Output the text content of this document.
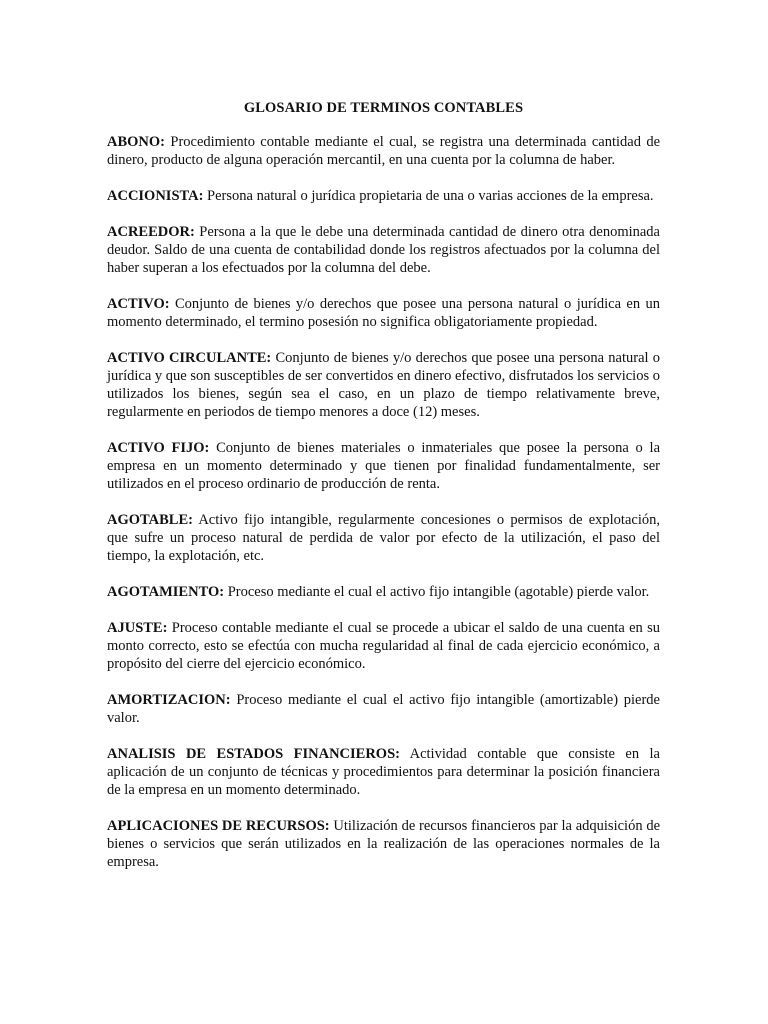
GLOSARIO DE TERMINOS CONTABLES

ABONO: Procedimiento contable mediante el cual, se registra una determinada cantidad de dinero, producto de alguna operación mercantil, en una cuenta por la columna de haber.

ACCIONISTA: Persona natural o jurídica propietaria de una o varias acciones de la empresa.

ACREEDOR: Persona a la que le debe una determinada cantidad de dinero otra denominada deudor. Saldo de una cuenta de contabilidad donde los registros afectuados por la columna del haber superan a los efectuados por la columna del debe.

ACTIVO: Conjunto de bienes y/o derechos que posee una persona natural o jurídica en un momento determinado, el termino posesión no significa obligatoriamente propiedad.

ACTIVO CIRCULANTE: Conjunto de bienes y/o derechos que posee una persona natural o jurídica y que son susceptibles de ser convertidos en dinero efectivo, disfrutados los servicios o utilizados los bienes, según sea el caso, en un plazo de tiempo relativamente breve, regularmente en periodos de tiempo menores a doce (12) meses.

ACTIVO FIJO: Conjunto de bienes materiales o inmateriales que posee la persona o la empresa en un momento determinado y que tienen por finalidad fundamentalmente, ser utilizados en el proceso ordinario de producción de renta.

AGOTABLE: Activo fijo intangible, regularmente concesiones o permisos de explotación, que sufre un proceso natural de perdida de valor por efecto de la utilización, el paso del tiempo, la explotación, etc.

AGOTAMIENTO: Proceso mediante el cual el activo fijo intangible (agotable) pierde valor.

AJUSTE: Proceso contable mediante el cual se procede a ubicar el saldo de una cuenta en su monto correcto, esto se efectúa con mucha regularidad al final de cada ejercicio económico, a propósito del cierre del ejercicio económico.

AMORTIZACION: Proceso mediante el cual el activo fijo intangible (amortizable) pierde valor.

ANALISIS DE ESTADOS FINANCIEROS: Actividad contable que consiste en la aplicación de un conjunto de técnicas y procedimientos para determinar la posición financiera de la empresa en un momento determinado.

APLICACIONES DE RECURSOS: Utilización de recursos financieros par la adquisición de bienes o servicios que serán utilizados en la realización de las operaciones normales de la empresa.
